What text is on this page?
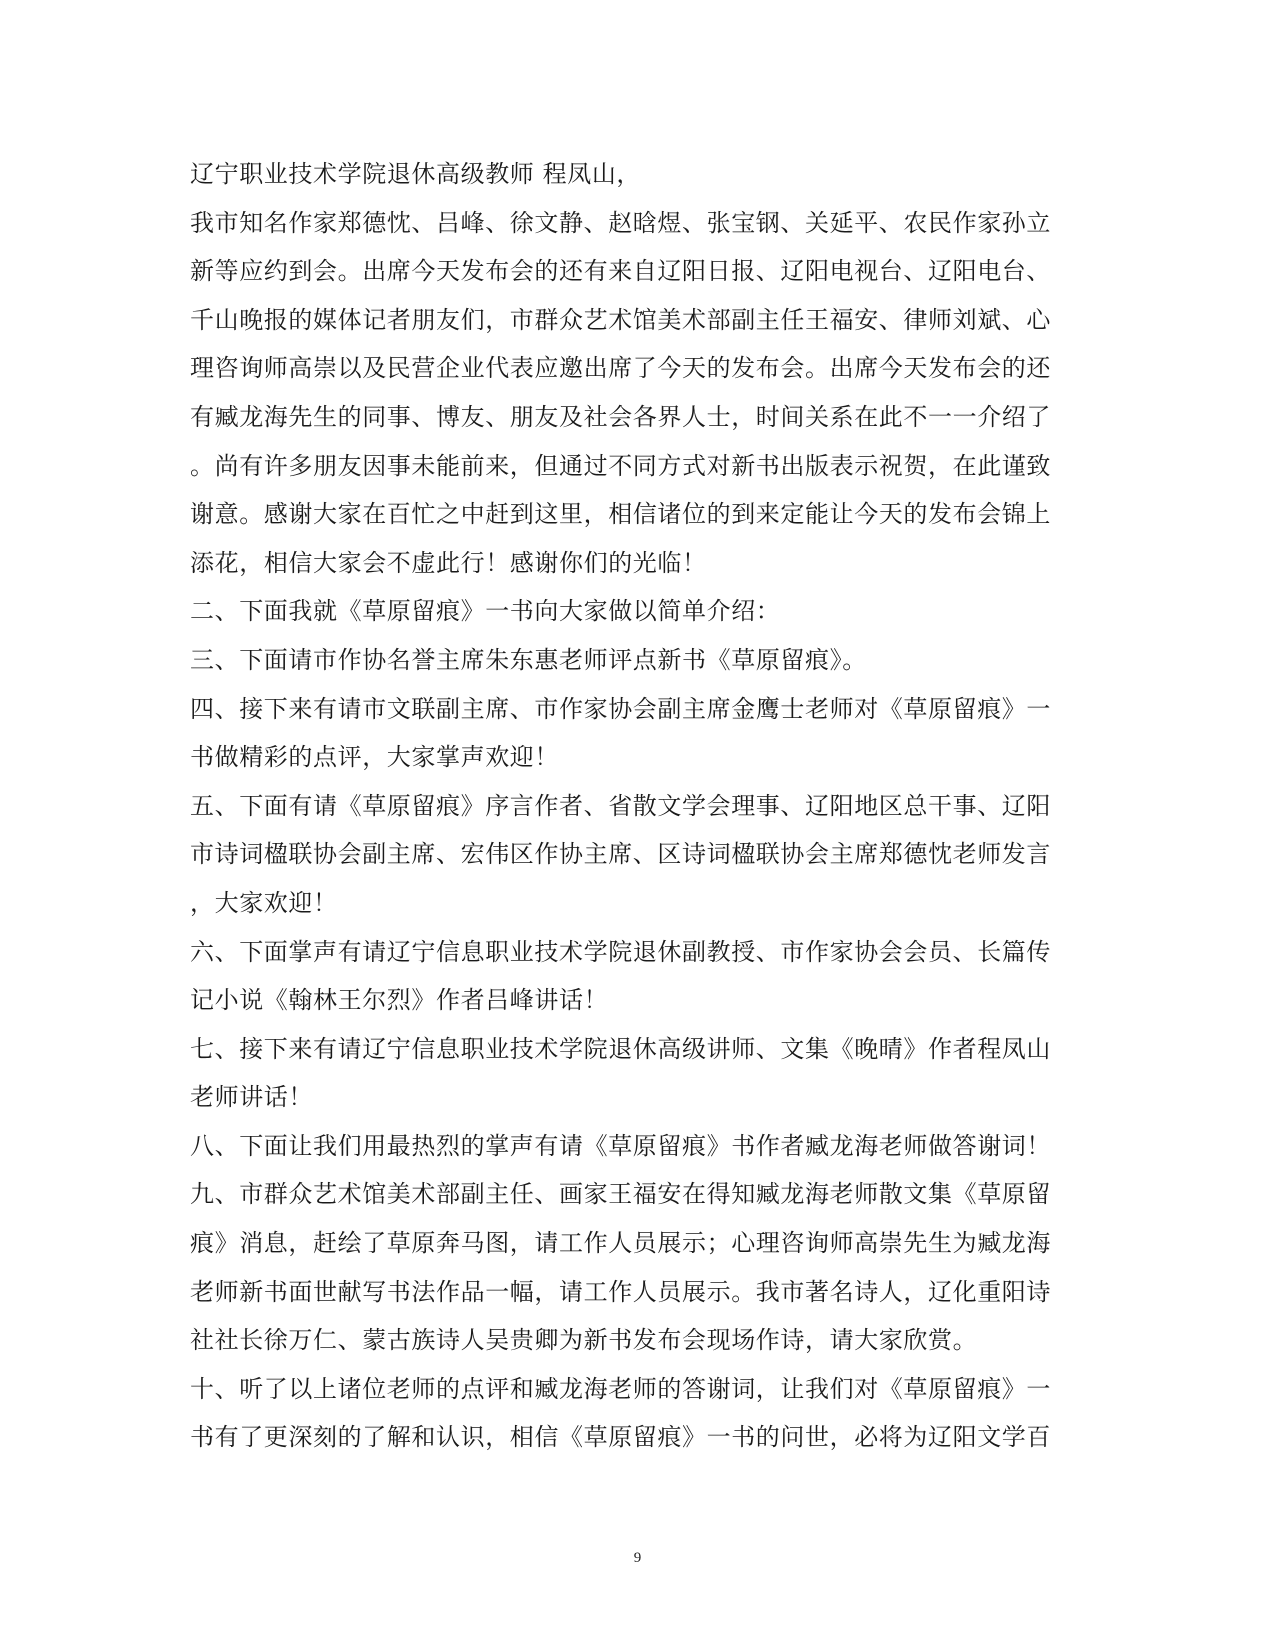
辽宁职业技术学院退休高级教师 程凤山，
我市知名作家郑德忱、吕峰、徐文静、赵晗煜、张宝钢、关延平、农民作家孙立
新等应约到会。出席今天发布会的还有来自辽阳日报、辽阳电视台、辽阳电台、
千山晚报的媒体记者朋友们，市群众艺术馆美术部副主任王福安、律师刘斌、心
理咨询师高崇以及民营企业代表应邀出席了今天的发布会。出席今天发布会的还
有臧龙海先生的同事、博友、朋友及社会各界人士，时间关系在此不一一介绍了
。尚有许多朋友因事未能前来，但通过不同方式对新书出版表示祝贺，在此谨致
谢意。感谢大家在百忙之中赶到这里，相信诸位的到来定能让今天的发布会锦上
添花，相信大家会不虚此行！感谢你们的光临！
二、下面我就《草原留痕》一书向大家做以简单介绍：
三、下面请市作协名誉主席朱东惠老师评点新书《草原留痕》。
四、接下来有请市文联副主席、市作家协会副主席金鹰士老师对《草原留痕》一
书做精彩的点评，大家掌声欢迎！
五、下面有请《草原留痕》序言作者、省散文学会理事、辽阳地区总干事、辽阳
市诗词楹联协会副主席、宏伟区作协主席、区诗词楹联协会主席郑德忱老师发言
，大家欢迎！
六、下面掌声有请辽宁信息职业技术学院退休副教授、市作家协会会员、长篇传
记小说《翰林王尔烈》作者吕峰讲话！
七、接下来有请辽宁信息职业技术学院退休高级讲师、文集《晚晴》作者程凤山
老师讲话！
八、下面让我们用最热烈的掌声有请《草原留痕》书作者臧龙海老师做答谢词！
九、市群众艺术馆美术部副主任、画家王福安在得知臧龙海老师散文集《草原留
痕》消息，赶绘了草原奔马图，请工作人员展示；心理咨询师高崇先生为臧龙海
老师新书面世献写书法作品一幅，请工作人员展示。我市著名诗人，辽化重阳诗
社社长徐万仁、蒙古族诗人吴贵卿为新书发布会现场作诗，请大家欣赏。
十、听了以上诸位老师的点评和臧龙海老师的答谢词，让我们对《草原留痕》一
书有了更深刻的了解和认识，相信《草原留痕》一书的问世，必将为辽阳文学百
9
